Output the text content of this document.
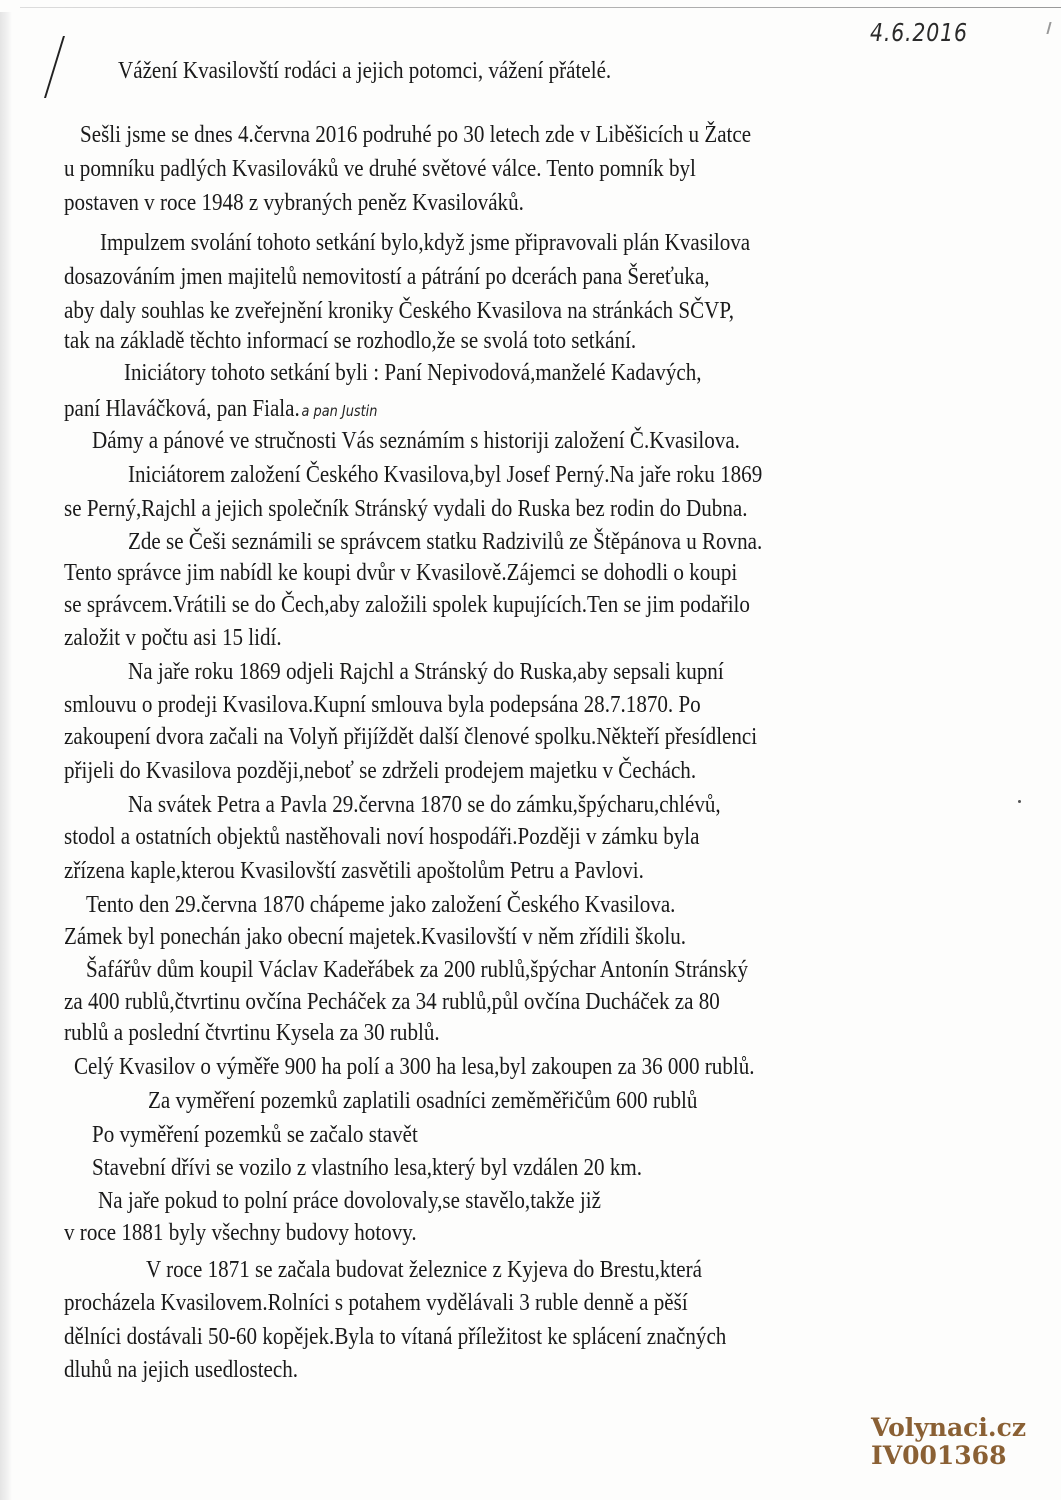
4.6.2016
Vážení Kvasilovští rodáci a jejich potomci, vážení přátelé.
Sešli jsme se dnes 4.června 2016 podruhé po 30 letech zde v Liběšicích u Žatce
u pomníku padlých Kvasilováků ve druhé světové válce. Tento pomník byl
postaven v roce 1948 z vybraných peněz Kvasilováků.
Impulzem svolání tohoto setkání bylo,když jsme připravovali plán Kvasilova
dosazováním jmen majitelů nemovitostí a pátrání po dcerách pana Šereťuka,
aby daly souhlas ke zveřejnění kroniky Českého Kvasilova na stránkách SČVP,
tak na základě těchto informací se rozhodlo,že se svolá toto setkání.
Iniciátory tohoto setkání byli : Paní Nepivodová,manželé Kadavých,
paní Hlaváčková, pan Fiala. a pan Justin
Dámy a pánové ve stručnosti Vás seznámím s historiji založení Č.Kvasilova.
Iniciátorem založení Českého Kvasilova,byl Josef Perný.Na jaře roku 1869
se Perný,Rajchl a jejich společník Stránský vydali do Ruska bez rodin do Dubna.
Zde se Češi seznámili se správcem statku Radzivilů ze Štěpánova u Rovna.
Tento správce jim nabídl ke koupi dvůr v Kvasilově.Zájemci se dohodli o koupi
se správcem.Vrátili se do Čech,aby založili spolek kupujících.Ten se jim podařilo
založit v počtu asi 15 lidí.
Na jaře roku 1869 odjeli Rajchl a Stránský do Ruska,aby sepsali kupní
smlouvu o prodeji Kvasilova.Kupní smlouva byla podepsána 28.7.1870. Po
zakoupení dvora začali na Volyň přijíždět další členové spolku.Někteří přesídlenci
přijeli do Kvasilova později,neboť se zdrželi prodejem majetku v Čechách.
Na svátek Petra a Pavla 29.června 1870 se do zámku,špýcharu,chlévů,
stodol a ostatních objektů nastěhovali noví hospodáři.Později v zámku byla
zřízena kaple,kterou Kvasilovští zasvětili apoštolům Petru a Pavlovi.
Tento den 29.června 1870 chápeme jako založení Českého Kvasilova.
Zámek byl ponechán jako obecní majetek.Kvasilovští v něm zřídili školu.
Šafářův dům koupil Václav Kadeřábek za 200 rublů,špýchar Antonín Stránský
za 400 rublů,čtvrtinu ovčína Pecháček za 34 rublů,půl ovčína Ducháček za 80
rublů a poslední čtvrtinu Kysela za 30 rublů.
Celý Kvasilov o výměře 900 ha polí a 300 ha lesa,byl zakoupen za 36 000 rublů.
Za vyměření pozemků zaplatili osadníci zeměměřičům 600 rublů
Po vyměření pozemků se začalo stavět
Stavební dřívi se vozilo z vlastního lesa,který byl vzdálen 20 km.
Na jaře pokud to polní práce dovolovaly,se stavělo,takže již
v roce 1881 byly všechny budovy hotovy.
V roce 1871 se začala budovat železnice z Kyjeva do Brestu,která
procházela Kvasilovem.Rolníci s potahem vydělávali 3 ruble denně a pěší
dělníci dostávali 50-60 kopějek.Byla to vítaná příležitost ke splácení značných
dluhů na jejich usedlostech.
Volynaci.cz
IV001368
